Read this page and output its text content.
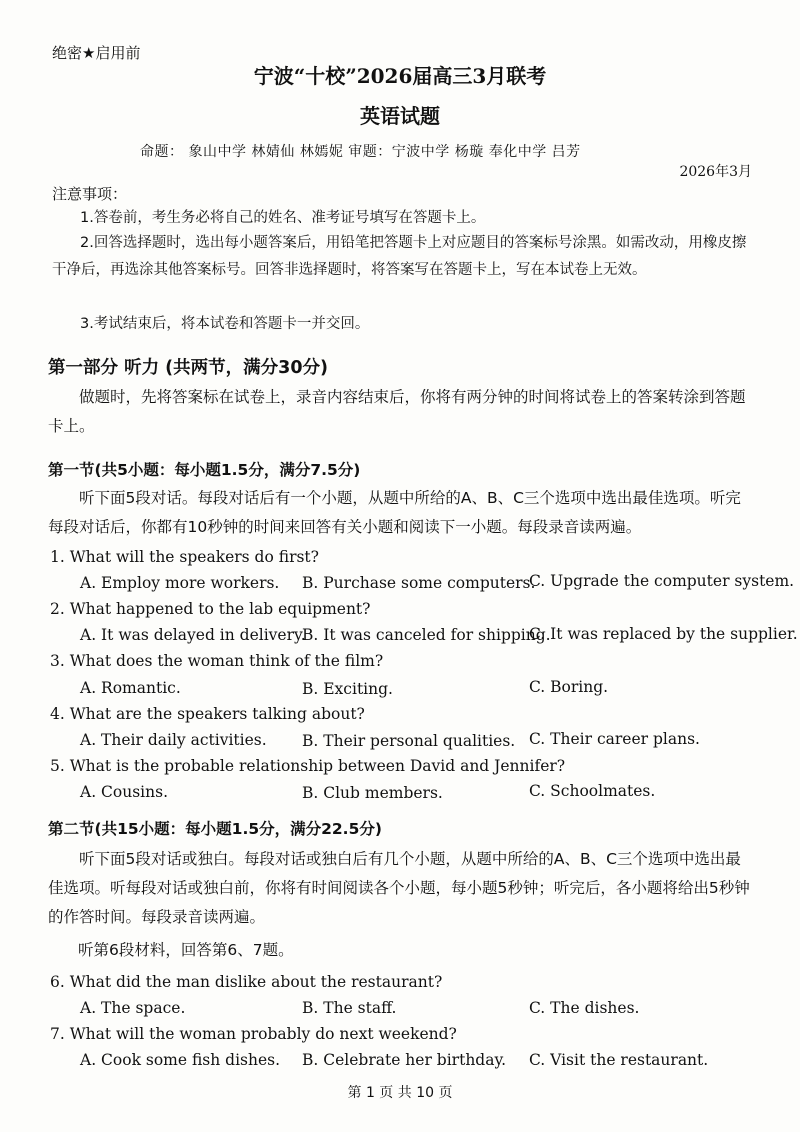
绝密★启用前
宁波“十校”2026届高三3月联考
英语试题
命题： 象山中学 林婧仙 林嫣妮 审题：宁波中学 杨璇 奉化中学 吕芳
2026年3月
注意事项：
1.答卷前，考生务必将自己的姓名、准考证号填写在答题卡上。
2.回答选择题时，选出每小题答案后，用铅笔把答题卡上对应题目的答案标号涂黑。如需改动，用橡皮擦干净后，再选涂其他答案标号。回答非选择题时，将答案写在答题卡上，写在本试卷上无效。
3.考试结束后，将本试卷和答题卡一并交回。
第一部分 听力 (共两节，满分30分)
做题时，先将答案标在试卷上，录音内容结束后，你将有两分钟的时间将试卷上的答案转涂到答题卡上。
第一节(共5小题：每小题1.5分，满分7.5分)
听下面5段对话。每段对话后有一个小题，从题中所给的A、B、C三个选项中选出最佳选项。听完每段对话后，你都有10秒钟的时间来回答有关小题和阅读下一小题。每段录音读两遍。
1. What will the speakers do first?
A. Employ more workers. B. Purchase some computers.
C. Upgrade the computer system.
2. What happened to the lab equipment?
A. It was delayed in delivery.
B. It was canceled for shipping.
C. It was replaced by the supplier.
3. What does the woman think of the film?
A. Romantic.	B. Exciting.	C. Boring.
4. What are the speakers talking about?
A. Their daily activities. B. Their personal qualities. C. Their career plans.
5. What is the probable relationship between David and Jennifer?
A. Cousins.	B. Club members.	C. Schoolmates.
第二节(共15小题：每小题1.5分，满分22.5分)
听下面5段对话或独白。每段对话或独白后有几个小题，从题中所给的A、B、C三个选项中选出最佳选项。听每段对话或独白前，你将有时间阅读各个小题，每小题5秒钟；听完后，各小题将给出5秒钟的作答时间。每段录音读两遍。
听第6段材料，回答第6、7题。
6. What did the man dislike about the restaurant?
A. The space.	B. The staff.	C. The dishes.
7. What will the woman probably do next weekend?
A. Cook some fish dishes. B. Celebrate her birthday. C. Visit the restaurant.
第 1 页 共 10 页
